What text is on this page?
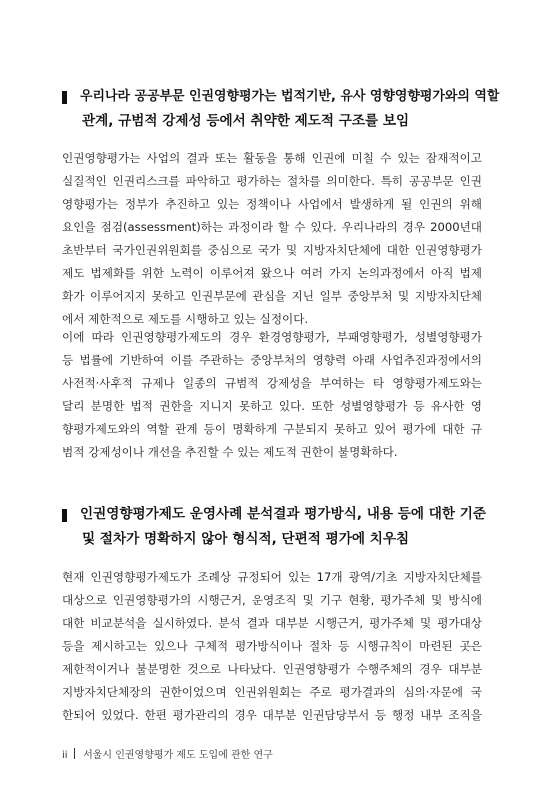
우리나라 공공부문 인권영향평가는 법적기반, 유사 영향영향평가와의 역할
관계, 규범적 강제성 등에서 취약한 제도적 구조를 보임
인권영향평가는 사업의 결과 또는 활동을 통해 인권에 미칠 수 있는 잠재적이고
실질적인 인권리스크를 파악하고 평가하는 절차를 의미한다. 특히 공공부문 인권
영향평가는 정부가 추진하고 있는 정책이나 사업에서 발생하게 될 인권의 위해
요인을 점검(assessment)하는 과정이라 할 수 있다. 우리나라의 경우 2000년대
초반부터 국가인권위원회를 중심으로 국가 및 지방자치단체에 대한 인권영향평가
제도 법제화를 위한 노력이 이루어져 왔으나 여러 가지 논의과정에서 아직 법제
화가 이루어지지 못하고 인권부문에 관심을 지닌 일부 중앙부처 및 지방자치단체
에서 제한적으로 제도를 시행하고 있는 실정이다.
이에 따라 인권영향평가제도의 경우 환경영향평가, 부패영향평가, 성별영향평가
등 법률에 기반하여 이를 주관하는 중앙부처의 영향력 아래 사업추진과정에서의
사전적·사후적 규제나 일종의 규범적 강제성을 부여하는 타 영향평가제도와는
달리 분명한 법적 권한을 지니지 못하고 있다. 또한 성별영향평가 등 유사한 영
향평가제도와의 역할 관계 등이 명확하게 구분되지 못하고 있어 평가에 대한 규
범적 강제성이나 개선을 추진할 수 있는 제도적 권한이 불명확하다.
인권영향평가제도 운영사례 분석결과 평가방식, 내용 등에 대한 기준
및 절차가 명확하지 않아 형식적, 단편적 평가에 치우침
현재 인권영향평가제도가 조례상 규정되어 있는 17개 광역/기초 지방자치단체를
대상으로 인권영향평가의 시행근거, 운영조직 및 기구 현황, 평가주체 및 방식에
대한 비교분석을 실시하였다. 분석 결과 대부분 시행근거, 평가주체 및 평가대상
등을 제시하고는 있으나 구체적 평가방식이나 절차 등 시행규칙이 마련된 곳은
제한적이거나 불분명한 것으로 나타났다. 인권영향평가 수행주체의 경우 대부분
지방자치단체장의 권한이었으며 인권위원회는 주로 평가결과의 심의·자문에 국
한되어 있었다. 한편 평가관리의 경우 대부분 인권담당부서 등 행정 내부 조직을
ii 서울시 인권영향평가 제도 도입에 관한 연구
